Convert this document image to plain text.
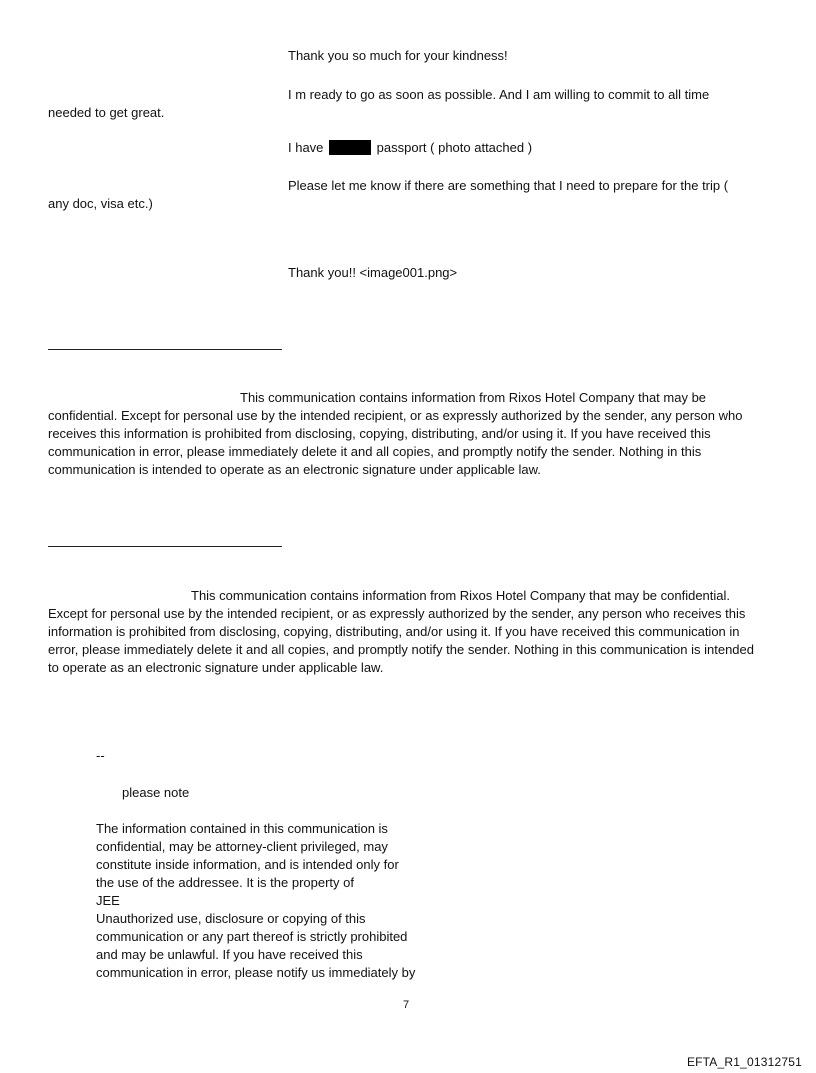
Thank you so much for your kindness!
I m ready to go as soon as possible. And I am willing to commit to all time
needed to get great.
I have	passport ( photo attached )
Please let me know if there are something that I need to prepare for the trip (
any doc, visa etc.)
Thank you!! <image001.png>
This communication contains information from Rixos Hotel Company that may be
confidential. Except for personal use by the intended recipient, or as expressly authorized by the sender, any person who receives this information is prohibited from disclosing, copying, distributing, and/or using it. If you have received this communication in error, please immediately delete it and all copies, and promptly notify the sender. Nothing in this communication is intended to operate as an electronic signature under applicable law.
This communication contains information from Rixos Hotel Company that may be confidential.
Except for personal use by the intended recipient, or as expressly authorized by the sender, any person who receives this information is prohibited from disclosing, copying, distributing, and/or using it. If you have received this communication in error, please immediately delete it and all copies, and promptly notify the sender. Nothing in this communication is intended to operate as an electronic signature under applicable law.
--
please note
The information contained in this communication is
confidential, may be attorney-client privileged, may
constitute inside information, and is intended only for
the use of the addressee. It is the property of
JEE
Unauthorized use, disclosure or copying of this
communication or any part thereof is strictly prohibited
and may be unlawful. If you have received this
communication in error, please notify us immediately by
7
EFTA_R1_01312751
